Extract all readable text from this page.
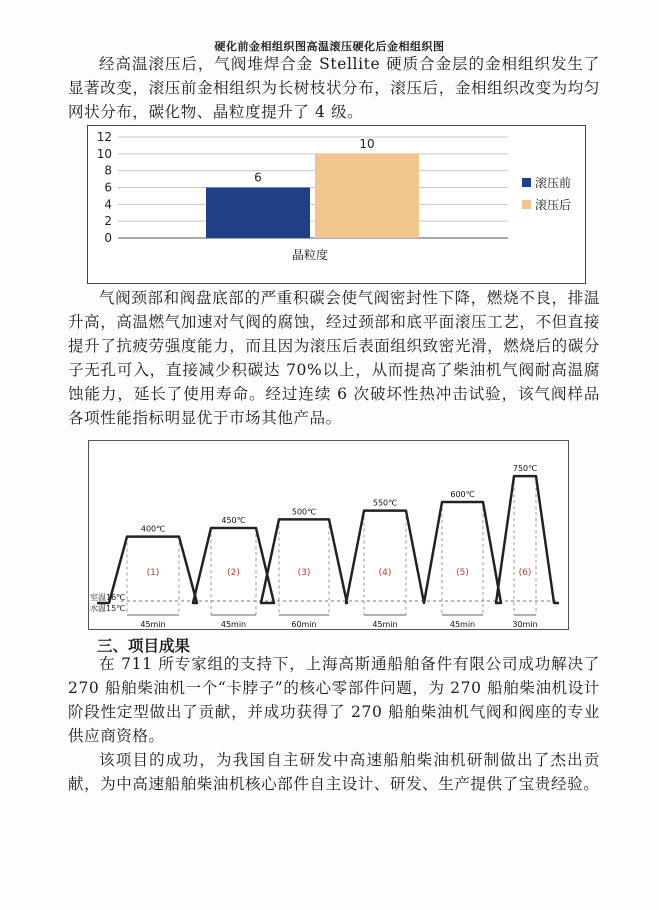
硬化前金相组织图高温滚压硬化后金相组织图
经高温滚压后，气阀堆焊合金 Stellite 硬质合金层的金相组织发生了显著改变，滚压前金相组织为长树枝状分布，滚压后，金相组织改变为均匀网状分布，碳化物、晶粒度提升了 4 级。
0
2
4
6
8
10
12
6
10
晶粒度
滚压前
滚压后
气阀颈部和阀盘底部的严重积碳会使气阀密封性下降，燃烧不良，排温升高，高温燃气加速对气阀的腐蚀，经过颈部和底平面滚压工艺，不但直接提升了抗疲劳强度能力，而且因为滚压后表面组织致密光滑，燃烧后的碳分子无孔可入，直接减少积碳达 70%以上，从而提高了柴油机气阀耐高温腐蚀能力，延长了使用寿命。经过连续 6 次破坏性热冲击试验，该气阀样品各项性能指标明显优于市场其他产品。
室温16℃
水温15℃
400℃
(1)
45min
450℃
(2)
45min
500℃
(3)
60min
550℃
(4)
45min
600℃
(5)
45min
750℃
(6)
30min
三、项目成果
在 711 所专家组的支持下，上海高斯通船舶备件有限公司成功解决了 270 船舶柴油机一个“卡脖子”的核心零部件问题，为 270 船舶柴油机设计阶段性定型做出了贡献，并成功获得了 270 船舶柴油机气阀和阀座的专业供应商资格。
该项目的成功，为我国自主研发中高速船舶柴油机研制做出了杰出贡献，为中高速船舶柴油机核心部件自主设计、研发、生产提供了宝贵经验。
